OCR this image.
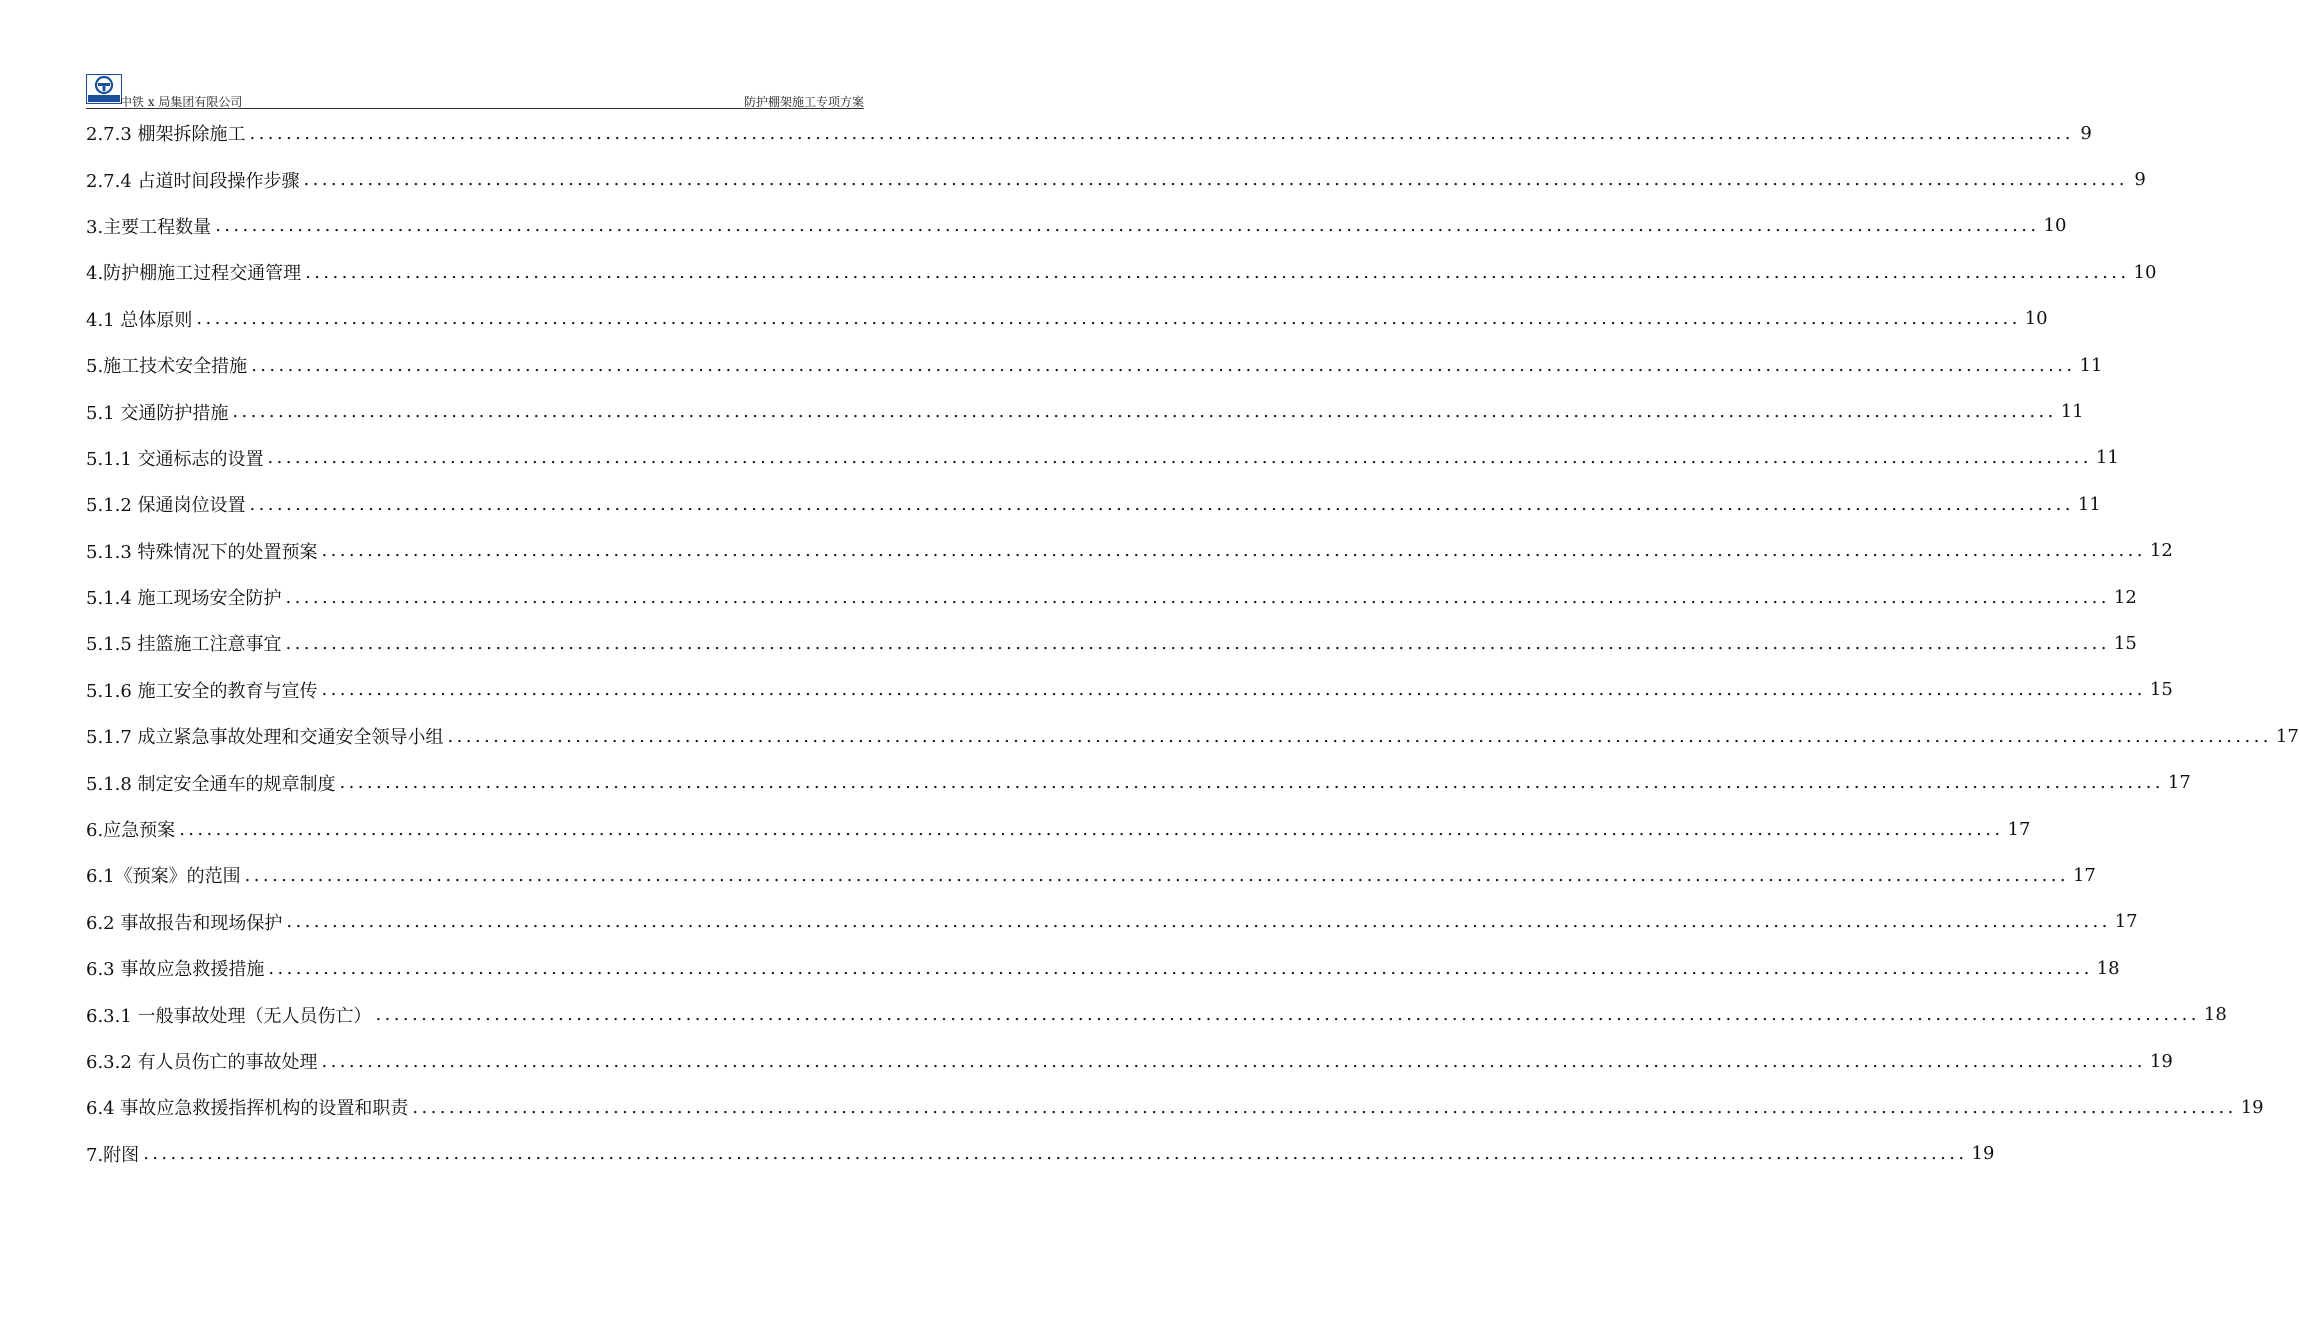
中铁 x 局集团有限公司	防护棚架施工专项方案
2.7.3 棚架拆除施工 ........................................................................................................................................................................................................ 9
2.7.4 占道时间段操作步骤 ........................................................................................................................................................................................................ 9
3.主要工程数量 ........................................................................................................................................................................................................ 10
4.防护棚施工过程交通管理 ........................................................................................................................................................................................................ 10
4.1 总体原则 ........................................................................................................................................................................................................ 10
5.施工技术安全措施 ........................................................................................................................................................................................................ 11
5.1 交通防护措施 ........................................................................................................................................................................................................ 11
5.1.1 交通标志的设置 ........................................................................................................................................................................................................ 11
5.1.2 保通岗位设置 ........................................................................................................................................................................................................ 11
5.1.3 特殊情况下的处置预案 ........................................................................................................................................................................................................ 12
5.1.4 施工现场安全防护 ........................................................................................................................................................................................................ 12
5.1.5 挂篮施工注意事宜 ........................................................................................................................................................................................................ 15
5.1.6 施工安全的教育与宣传 ........................................................................................................................................................................................................ 15
5.1.7 成立紧急事故处理和交通安全领导小组 ........................................................................................................................................................................................................ 17
5.1.8 制定安全通车的规章制度 ........................................................................................................................................................................................................ 17
6.应急预案 ........................................................................................................................................................................................................ 17
6.1《预案》的范围 ........................................................................................................................................................................................................ 17
6.2 事故报告和现场保护 ........................................................................................................................................................................................................ 17
6.3 事故应急救援措施 ........................................................................................................................................................................................................ 18
6.3.1 一般事故处理（无人员伤亡） ........................................................................................................................................................................................................ 18
6.3.2 有人员伤亡的事故处理 ........................................................................................................................................................................................................ 19
6.4 事故应急救援指挥机构的设置和职责 ........................................................................................................................................................................................................ 19
7.附图 ........................................................................................................................................................................................................ 19
